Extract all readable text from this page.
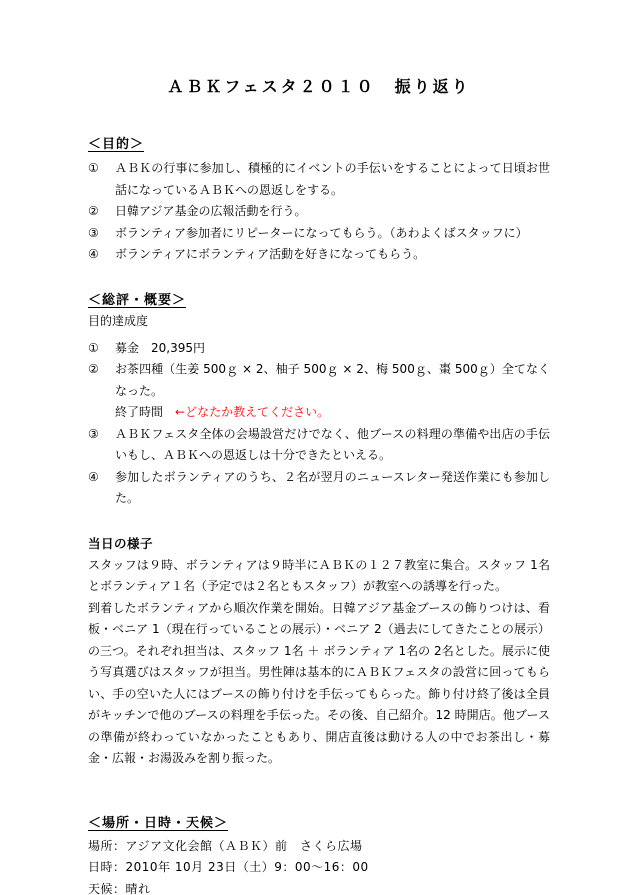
ＡＢＫフェスタ２０１０　振り返り
＜目的＞
①	ＡＢＫの行事に参加し、積極的にイベントの手伝いをすることによって日頃お世話になっているＡＢＫへの恩返しをする。
②	日韓アジア基金の広報活動を行う。
③	ボランティア参加者にリピーターになってもらう。（あわよくばスタッフに）
④	ボランティアにボランティア活動を好きになってもらう。
＜総評・概要＞
目的達成度
①	募金　20,395円
②	お茶四種（生姜 500ｇ × 2、柚子 500ｇ × 2、梅 500ｇ、棗 500ｇ）全てなくなった。
終了時間　←どなたか教えてください。
③	ＡＢＫフェスタ全体の会場設営だけでなく、他ブースの料理の準備や出店の手伝いもし、ＡＢＫへの恩返しは十分できたといえる。
④	参加したボランティアのうち、２名が翌月のニュースレター発送作業にも参加した。
当日の様子

スタッフは９時、ボランティアは９時半にＡＢＫの１２７教室に集合。スタッフ 1名とボランティア１名（予定では２名ともスタッフ）が教室への誘導を行った。

到着したボランティアから順次作業を開始。日韓アジア基金ブースの飾りつけは、看板・ベニア 1（現在行っていることの展示）・ベニア 2（過去にしてきたことの展示）の三つ。それぞれ担当は、スタッフ 1名 ＋ ボランティア 1名の 2名とした。展示に使う写真選びはスタッフが担当。男性陣は基本的にＡＢＫフェスタの設営に回ってもらい、手の空いた人にはブースの飾り付けを手伝ってもらった。飾り付け終了後は全員がキッチンで他のブースの料理を手伝った。その後、自己紹介。12 時開店。他ブースの準備が終わっていなかったこともあり、開店直後は動ける人の中でお茶出し・募金・広報・お湯汲みを割り振った。

＜場所・日時・天候＞
場所：アジア文化会館（ＡＢＫ）前　さくら広場
日時：2010年 10月 23日（土）9：00～16：00
天候：晴れ
